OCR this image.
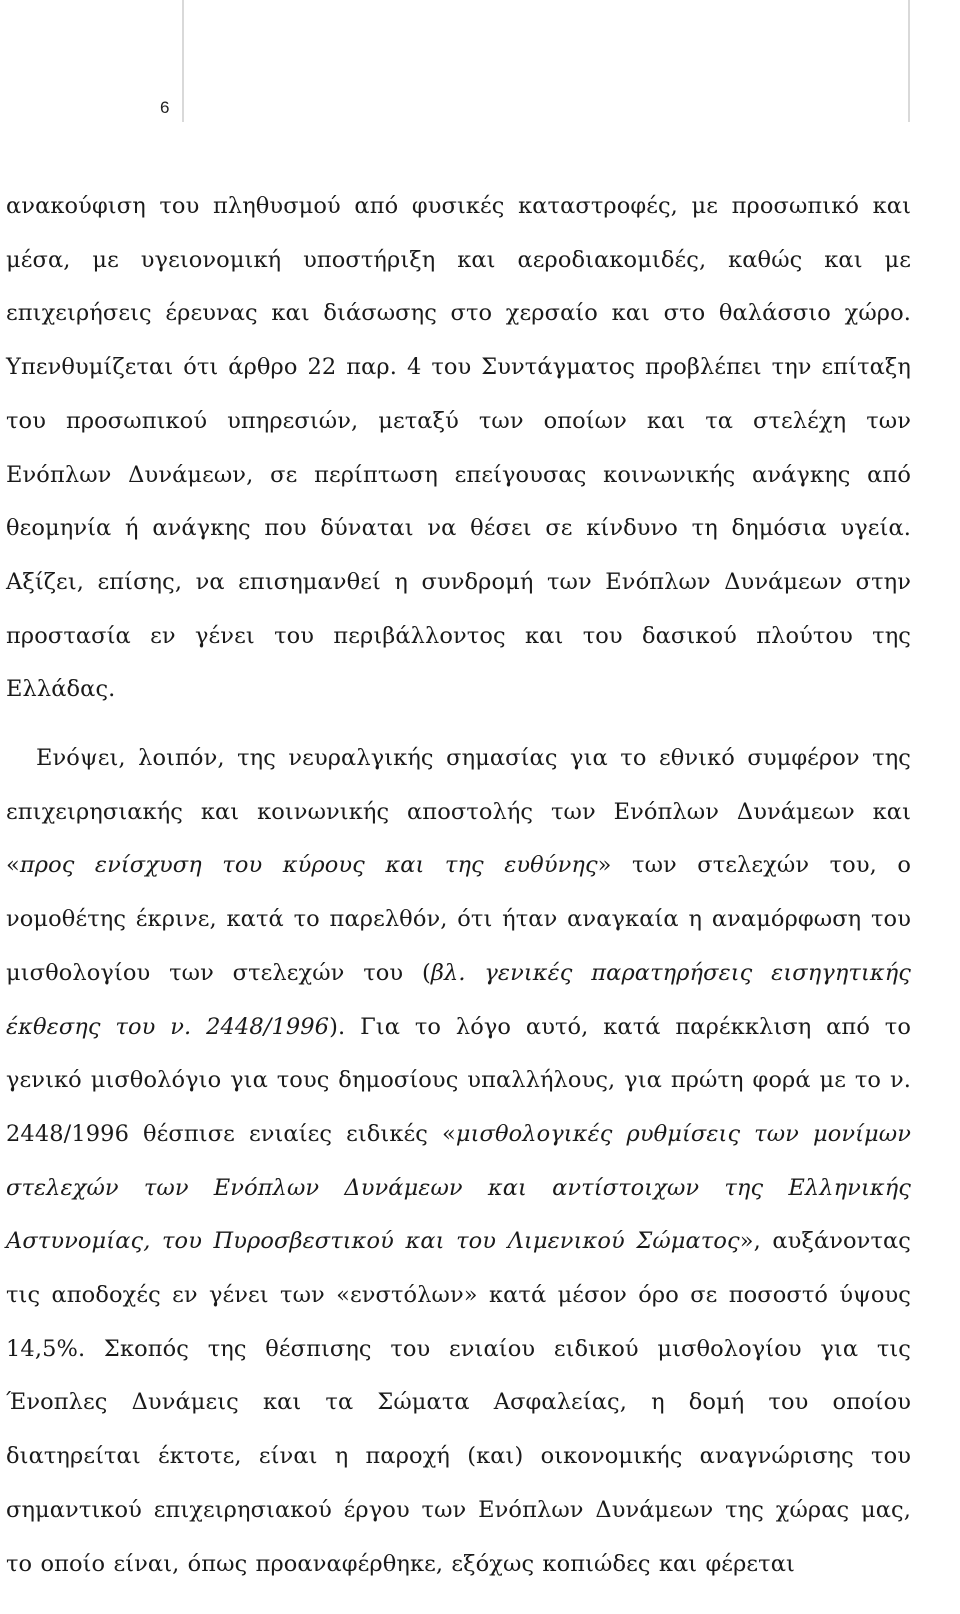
6

ανακούφιση του πληθυσμού από φυσικές καταστροφές, με προσωπικό και μέσα, με υγειονομική υποστήριξη και αεροδιακομιδές, καθώς και με επιχειρήσεις έρευνας και διάσωσης στο χερσαίο και στο θαλάσσιο χώρο. Υπενθυμίζεται ότι άρθρο 22 παρ. 4 του Συντάγματος προβλέπει την επίταξη του προσωπικού υπηρεσιών, μεταξύ των οποίων και τα στελέχη των Ενόπλων Δυνάμεων, σε περίπτωση επείγουσας κοινωνικής ανάγκης από θεομηνία ή ανάγκης που δύναται να θέσει σε κίνδυνο τη δημόσια υγεία. Αξίζει, επίσης, να επισημανθεί η συνδρομή των Ενόπλων Δυνάμεων στην προστασία εν γένει του περιβάλλοντος και του δασικού πλούτου της Ελλάδας.

Ενόψει, λοιπόν, της νευραλγικής σημασίας για το εθνικό συμφέρον της επιχειρησιακής και κοινωνικής αποστολής των Ενόπλων Δυνάμεων και «προς ενίσχυση του κύρους και της ευθύνης» των στελεχών του, ο νομοθέτης έκρινε, κατά το παρελθόν, ότι ήταν αναγκαία η αναμόρφωση του μισθολογίου των στελεχών του (βλ. γενικές παρατηρήσεις εισηγητικής έκθεσης του ν. 2448/1996). Για το λόγο αυτό, κατά παρέκκλιση από το γενικό μισθολόγιο για τους δημοσίους υπαλλήλους, για πρώτη φορά με το ν. 2448/1996 θέσπισε ενιαίες ειδικές «μισθολογικές ρυθμίσεις των μονίμων στελεχών των Ενόπλων Δυνάμεων και αντίστοιχων της Ελληνικής Αστυνομίας, του Πυροσβεστικού και του Λιμενικού Σώματος», αυξάνοντας τις αποδοχές εν γένει των «ενστόλων» κατά μέσον όρο σε ποσοστό ύψους 14,5%. Σκοπός της θέσπισης του ενιαίου ειδικού μισθολογίου για τις Ένοπλες Δυνάμεις και τα Σώματα Ασφαλείας, η δομή του οποίου διατηρείται έκτοτε, είναι η παροχή (και) οικονομικής αναγνώρισης του σημαντικού επιχειρησιακού έργου των Ενόπλων Δυνάμεων της χώρας μας, το οποίο είναι, όπως προαναφέρθηκε, εξόχως κοπιώδες και φέρεται
